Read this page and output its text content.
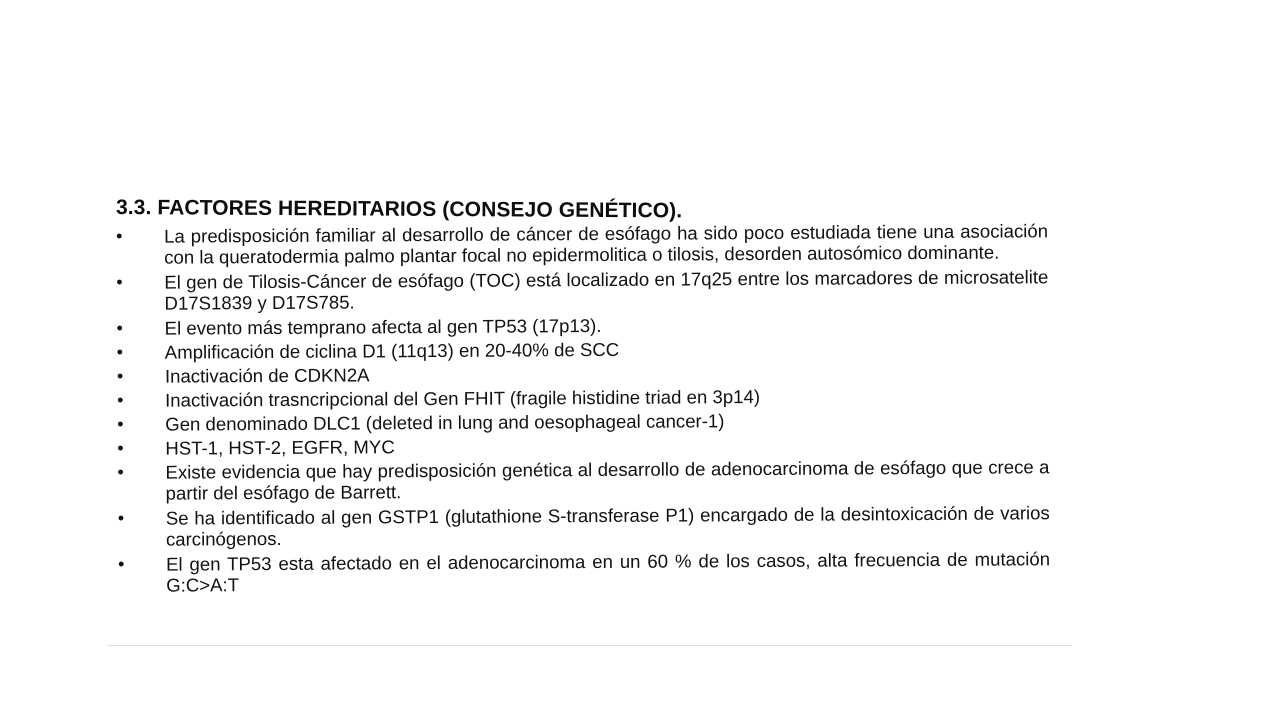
3.3. FACTORES HEREDITARIOS (CONSEJO GENÉTICO).
• La predisposición familiar al desarrollo de cáncer de esófago ha sido poco estudiada tiene una asociación con la queratodermia palmo plantar focal no epidermolitica o tilosis, desorden autosómico dominante.
• El gen de Tilosis-Cáncer de esófago (TOC) está localizado en 17q25 entre los marcadores de microsatelite D17S1839 y D17S785.
• El evento más temprano afecta al gen TP53 (17p13).
• Amplificación de ciclina D1 (11q13) en 20-40% de SCC
• Inactivación de CDKN2A
• Inactivación trasncripcional del Gen FHIT (fragile histidine triad en 3p14)
• Gen denominado DLC1 (deleted in lung and oesophageal cancer-1)
• HST-1, HST-2, EGFR, MYC
• Existe evidencia que hay predisposición genética al desarrollo de adenocarcinoma de esófago que crece a partir del esófago de Barrett.
• Se ha identificado al gen GSTP1 (glutathione S-transferase P1) encargado de la desintoxicación de varios carcinógenos.
• El gen TP53 esta afectado en el adenocarcinoma en un 60 % de los casos, alta frecuencia de mutación G:C>A:T
